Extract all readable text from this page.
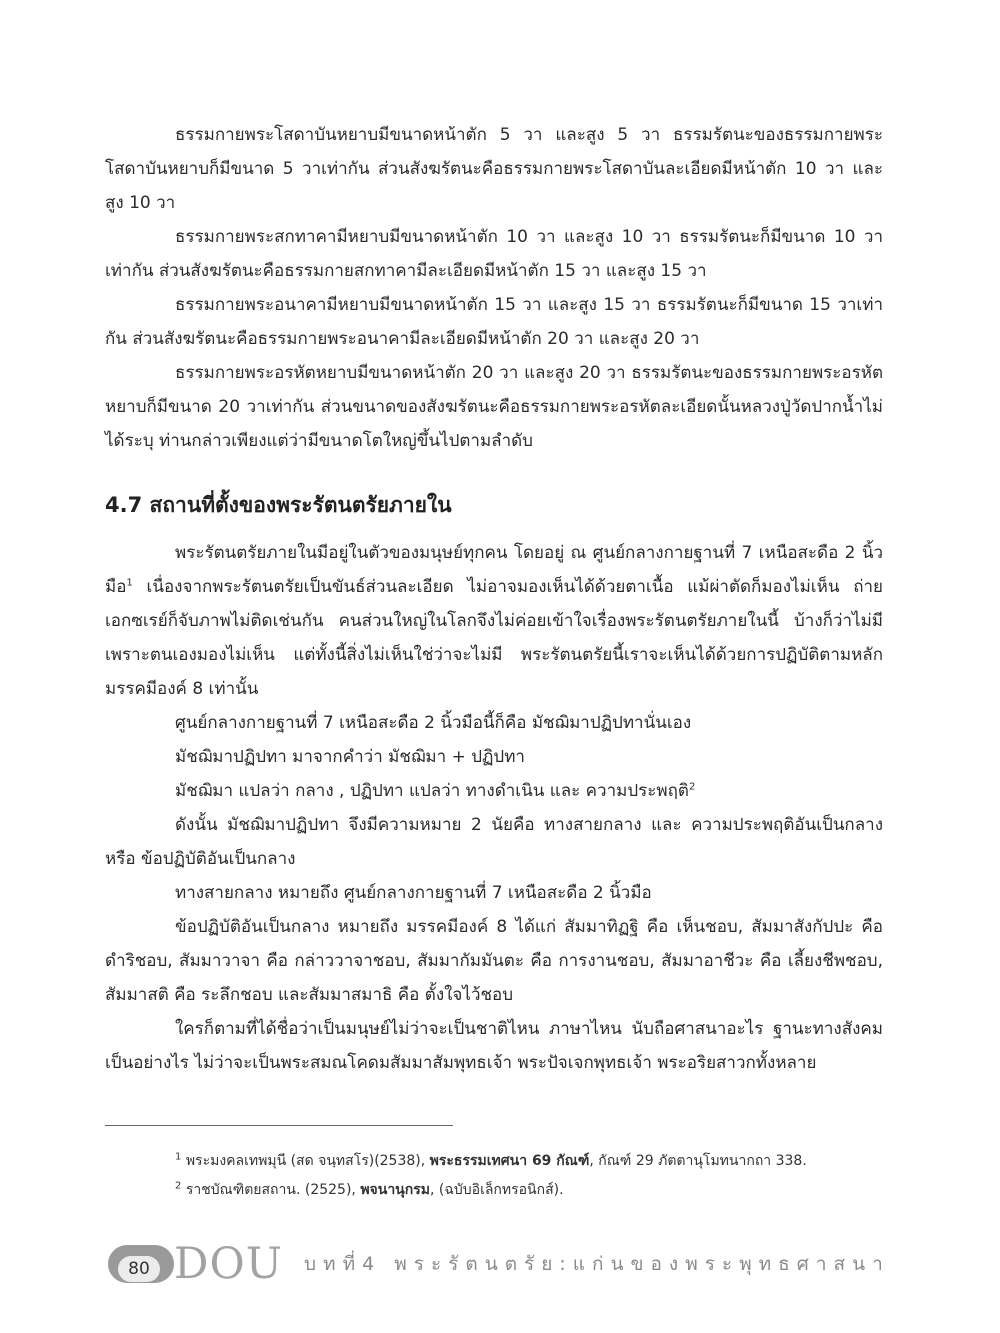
ธรรมกายพระโสดาบันหยาบมีขนาดหน้าตัก 5 วา และสูง 5 วา ธรรมรัตนะของธรรมกายพระโสดาบันหยาบก็มีขนาด 5 วาเท่ากัน ส่วนสังฆรัตนะคือธรรมกายพระโสดาบันละเอียดมีหน้าตัก 10 วา และสูง 10 วา

ธรรมกายพระสกทาคามีหยาบมีขนาดหน้าตัก 10 วา และสูง 10 วา ธรรมรัตนะก็มีขนาด 10 วาเท่ากัน ส่วนสังฆรัตนะคือธรรมกายสกทาคามีละเอียดมีหน้าตัก 15 วา และสูง 15 วา

ธรรมกายพระอนาคามีหยาบมีขนาดหน้าตัก 15 วา และสูง 15 วา ธรรมรัตนะก็มีขนาด 15 วาเท่ากัน ส่วนสังฆรัตนะคือธรรมกายพระอนาคามีละเอียดมีหน้าตัก 20 วา และสูง 20 วา

ธรรมกายพระอรหัตหยาบมีขนาดหน้าตัก 20 วา และสูง 20 วา ธรรมรัตนะของธรรมกายพระอรหัตหยาบก็มีขนาด 20 วาเท่ากัน ส่วนขนาดของสังฆรัตนะคือธรรมกายพระอรหัตละเอียดนั้นหลวงปู่วัดปากน้ำไม่ได้ระบุ ท่านกล่าวเพียงแต่ว่ามีขนาดโตใหญ่ขึ้นไปตามลำดับ

4.7 สถานที่ตั้งของพระรัตนตรัยภายใน

พระรัตนตรัยภายในมีอยู่ในตัวของมนุษย์ทุกคน โดยอยู่ ณ ศูนย์กลางกายฐานที่ 7 เหนือสะดือ 2 นิ้วมือ$^1$ เนื่องจากพระรัตนตรัยเป็นขันธ์ส่วนละเอียด ไม่อาจมองเห็นได้ด้วยตาเนื้อ แม้ผ่าตัดก็มองไม่เห็น ถ่ายเอกซเรย์ก็จับภาพไม่ติดเช่นกัน คนส่วนใหญ่ในโลกจึงไม่ค่อยเข้าใจเรื่องพระรัตนตรัยภายในนี้ บ้างก็ว่าไม่มีเพราะตนเองมองไม่เห็น แต่ทั้งนี้สิ่งไม่เห็นใช่ว่าจะไม่มี พระรัตนตรัยนี้เราจะเห็นได้ด้วยการปฏิบัติตามหลักมรรคมีองค์ 8 เท่านั้น

ศูนย์กลางกายฐานที่ 7 เหนือสะดือ 2 นิ้วมือนี้ก็คือ มัชฌิมาปฏิปทานั่นเอง

มัชฌิมาปฏิปทา มาจากคำว่า มัชฌิมา + ปฏิปทา

มัชฌิมา แปลว่า กลาง , ปฏิปทา แปลว่า ทางดำเนิน และ ความประพฤติ$^2$

ดังนั้น มัชฌิมาปฏิปทา จึงมีความหมาย 2 นัยคือ ทางสายกลาง และ ความประพฤติอันเป็นกลาง หรือ ข้อปฏิบัติอันเป็นกลาง

ทางสายกลาง หมายถึง ศูนย์กลางกายฐานที่ 7 เหนือสะดือ 2 นิ้วมือ

ข้อปฏิบัติอันเป็นกลาง หมายถึง มรรคมีองค์ 8 ได้แก่ สัมมาทิฏฐิ คือ เห็นชอบ, สัมมาสังกัปปะ คือ ดำริชอบ, สัมมาวาจา คือ กล่าววาจาชอบ, สัมมากัมมันตะ คือ การงานชอบ, สัมมาอาชีวะ คือ เลี้ยงชีพชอบ, สัมมาสติ คือ ระลึกชอบ และสัมมาสมาธิ คือ ตั้งใจไว้ชอบ

ใครก็ตามที่ได้ชื่อว่าเป็นมนุษย์ไม่ว่าจะเป็นชาติไหน ภาษาไหน นับถือศาสนาอะไร ฐานะทางสังคมเป็นอย่างไร ไม่ว่าจะเป็นพระสมณโคดมสัมมาสัมพุทธเจ้า พระปัจเจกพุทธเจ้า พระอริยสาวกทั้งหลาย

$^1$ พระมงคลเทพมุนี (สด จนฺทสโร)(2538), พระธรรมเทศนา 69 กัณฑ์, กัณฑ์ 29 ภัตตานุโมทนากถา 338.
$^2$ ราชบัณฑิตยสถาน. (2525), พจนานุกรม, (ฉบับอิเล็กทรอนิกส์).
80 DOU บทที่4 พระรัตนตรัย:แก่นของพระพุทธศาสนา
